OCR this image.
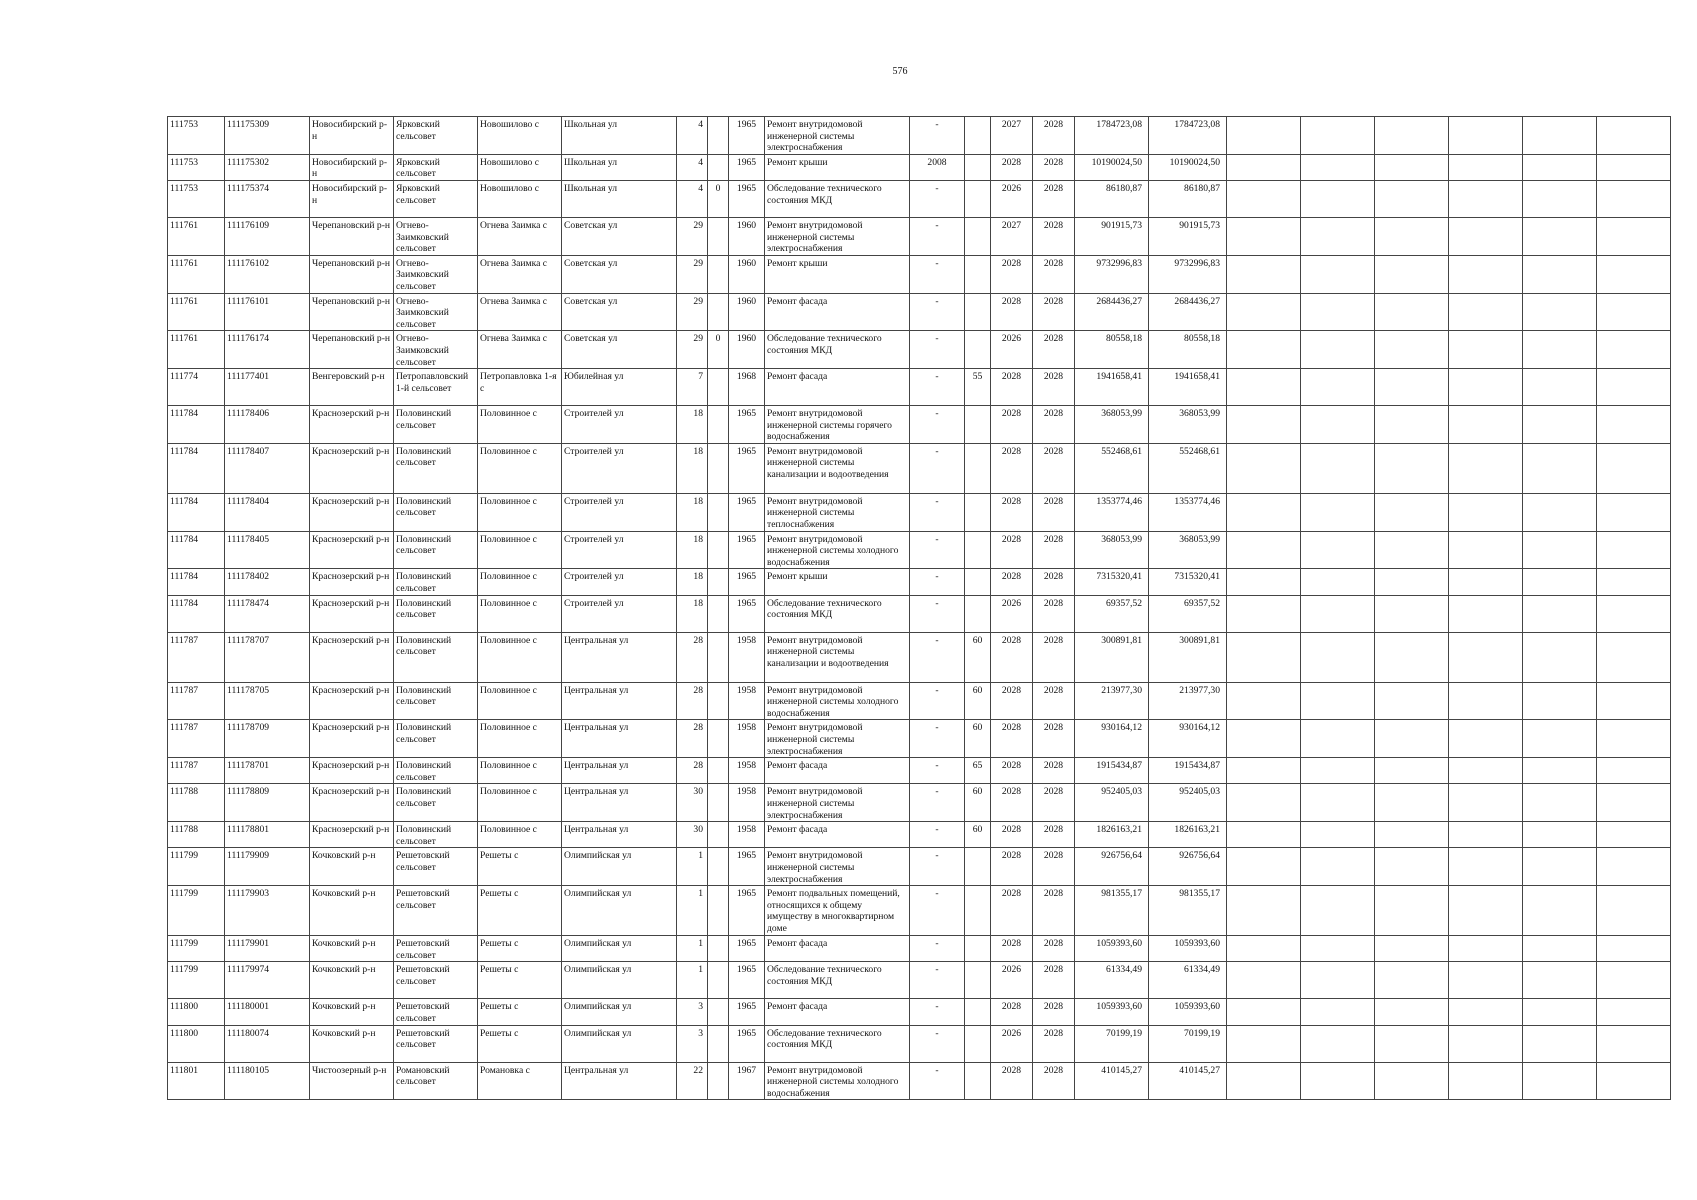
576
111753	111175309	Новосибирский р-н	Ярковский сельсовет	Новошилово с	Школьная ул	4		1965	Ремонт внутридомовой инженерной системы электроснабжения	-		2027	2028	1784723,08	1784723,08						
111753	111175302	Новосибирский р-н	Ярковский сельсовет	Новошилово с	Школьная ул	4		1965	Ремонт крыши	2008		2028	2028	10190024,50	10190024,50						
111753	111175374	Новосибирский р-н	Ярковский сельсовет	Новошилово с	Школьная ул	4	0	1965	Обследование технического состояния МКД	-		2026	2028	86180,87	86180,87						
111761	111176109	Черепановский р-н	Огнево-Заимковский сельсовет	Огнева Заимка с	Советская ул	29		1960	Ремонт внутридомовой инженерной системы электроснабжения	-		2027	2028	901915,73	901915,73						
111761	111176102	Черепановский р-н	Огнево-Заимковский сельсовет	Огнева Заимка с	Советская ул	29		1960	Ремонт крыши	-		2028	2028	9732996,83	9732996,83						
111761	111176101	Черепановский р-н	Огнево-Заимковский сельсовет	Огнева Заимка с	Советская ул	29		1960	Ремонт фасада	-		2028	2028	2684436,27	2684436,27						
111761	111176174	Черепановский р-н	Огнево-Заимковский сельсовет	Огнева Заимка с	Советская ул	29	0	1960	Обследование технического состояния МКД	-		2026	2028	80558,18	80558,18						
111774	111177401	Венгеровский р-н	Петропавловский 1-й сельсовет	Петропавловка 1-я с	Юбилейная ул	7		1968	Ремонт фасада	-	55	2028	2028	1941658,41	1941658,41						
111784	111178406	Краснозерский р-н	Половинский сельсовет	Половинное с	Строителей ул	18		1965	Ремонт внутридомовой инженерной системы горячего водоснабжения	-		2028	2028	368053,99	368053,99						
111784	111178407	Краснозерский р-н	Половинский сельсовет	Половинное с	Строителей ул	18		1965	Ремонт внутридомовой инженерной системы канализации и водоотведения	-		2028	2028	552468,61	552468,61						
111784	111178404	Краснозерский р-н	Половинский сельсовет	Половинное с	Строителей ул	18		1965	Ремонт внутридомовой инженерной системы теплоснабжения	-		2028	2028	1353774,46	1353774,46						
111784	111178405	Краснозерский р-н	Половинский сельсовет	Половинное с	Строителей ул	18		1965	Ремонт внутридомовой инженерной системы холодного водоснабжения	-		2028	2028	368053,99	368053,99						
111784	111178402	Краснозерский р-н	Половинский сельсовет	Половинное с	Строителей ул	18		1965	Ремонт крыши	-		2028	2028	7315320,41	7315320,41						
111784	111178474	Краснозерский р-н	Половинский сельсовет	Половинное с	Строителей ул	18		1965	Обследование технического состояния МКД	-		2026	2028	69357,52	69357,52						
111787	111178707	Краснозерский р-н	Половинский сельсовет	Половинное с	Центральная ул	28		1958	Ремонт внутридомовой инженерной системы канализации и водоотведения	-	60	2028	2028	300891,81	300891,81						
111787	111178705	Краснозерский р-н	Половинский сельсовет	Половинное с	Центральная ул	28		1958	Ремонт внутридомовой инженерной системы холодного водоснабжения	-	60	2028	2028	213977,30	213977,30						
111787	111178709	Краснозерский р-н	Половинский сельсовет	Половинное с	Центральная ул	28		1958	Ремонт внутридомовой инженерной системы электроснабжения	-	60	2028	2028	930164,12	930164,12						
111787	111178701	Краснозерский р-н	Половинский сельсовет	Половинное с	Центральная ул	28		1958	Ремонт фасада	-	65	2028	2028	1915434,87	1915434,87						
111788	111178809	Краснозерский р-н	Половинский сельсовет	Половинное с	Центральная ул	30		1958	Ремонт внутридомовой инженерной системы электроснабжения	-	60	2028	2028	952405,03	952405,03						
111788	111178801	Краснозерский р-н	Половинский сельсовет	Половинное с	Центральная ул	30		1958	Ремонт фасада	-	60	2028	2028	1826163,21	1826163,21						
111799	111179909	Кочковский р-н	Решетовский сельсовет	Решеты с	Олимпийская ул	1		1965	Ремонт внутридомовой инженерной системы электроснабжения	-		2028	2028	926756,64	926756,64						
111799	111179903	Кочковский р-н	Решетовский сельсовет	Решеты с	Олимпийская ул	1		1965	Ремонт подвальных помещений, относящихся к общему имуществу в многоквартирном доме	-		2028	2028	981355,17	981355,17						
111799	111179901	Кочковский р-н	Решетовский сельсовет	Решеты с	Олимпийская ул	1		1965	Ремонт фасада	-		2028	2028	1059393,60	1059393,60						
111799	111179974	Кочковский р-н	Решетовский сельсовет	Решеты с	Олимпийская ул	1		1965	Обследование технического состояния МКД	-		2026	2028	61334,49	61334,49						
111800	111180001	Кочковский р-н	Решетовский сельсовет	Решеты с	Олимпийская ул	3		1965	Ремонт фасада	-		2028	2028	1059393,60	1059393,60						
111800	111180074	Кочковский р-н	Решетовский сельсовет	Решеты с	Олимпийская ул	3		1965	Обследование технического состояния МКД	-		2026	2028	70199,19	70199,19						
111801	111180105	Чистоозерный р-н	Романовский сельсовет	Романовка с	Центральная ул	22		1967	Ремонт внутридомовой инженерной системы холодного водоснабжения	-		2028	2028	410145,27	410145,27						
